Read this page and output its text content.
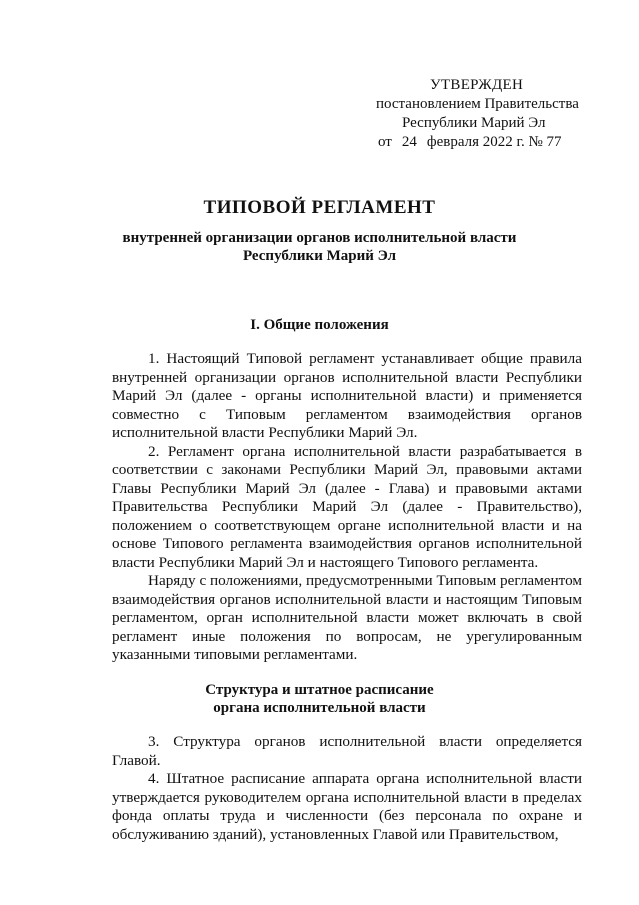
УТВЕРЖДЕН
постановлением Правительства
Республики Марий Эл
от 24 февраля 2022 г. № 77
ТИПОВОЙ РЕГЛАМЕНТ
внутренней организации органов исполнительной власти
Республики Марий Эл
I. Общие положения

1. Настоящий Типовой регламент устанавливает общие правила внутренней организации органов исполнительной власти Республики Марий Эл (далее - органы исполнительной власти) и применяется совместно с Типовым регламентом взаимодействия органов исполнительной власти Республики Марий Эл.

2. Регламент органа исполнительной власти разрабатывается в соответствии с законами Республики Марий Эл, правовыми актами Главы Республики Марий Эл (далее - Глава) и правовыми актами Правительства Республики Марий Эл (далее - Правительство), положением о соответствующем органе исполнительной власти и на основе Типового регламента взаимодействия органов исполнительной власти Республики Марий Эл и настоящего Типового регламента.

Наряду с положениями, предусмотренными Типовым регламентом взаимодействия органов исполнительной власти и настоящим Типовым регламентом, орган исполнительной власти может включать в свой регламент иные положения по вопросам, не урегулированным указанными типовыми регламентами.

Структура и штатное расписание
органа исполнительной власти

3. Структура органов исполнительной власти определяется Главой.

4. Штатное расписание аппарата органа исполнительной власти утверждается руководителем органа исполнительной власти в пределах фонда оплаты труда и численности (без персонала по охране и обслуживанию зданий), установленных Главой или Правительством,
